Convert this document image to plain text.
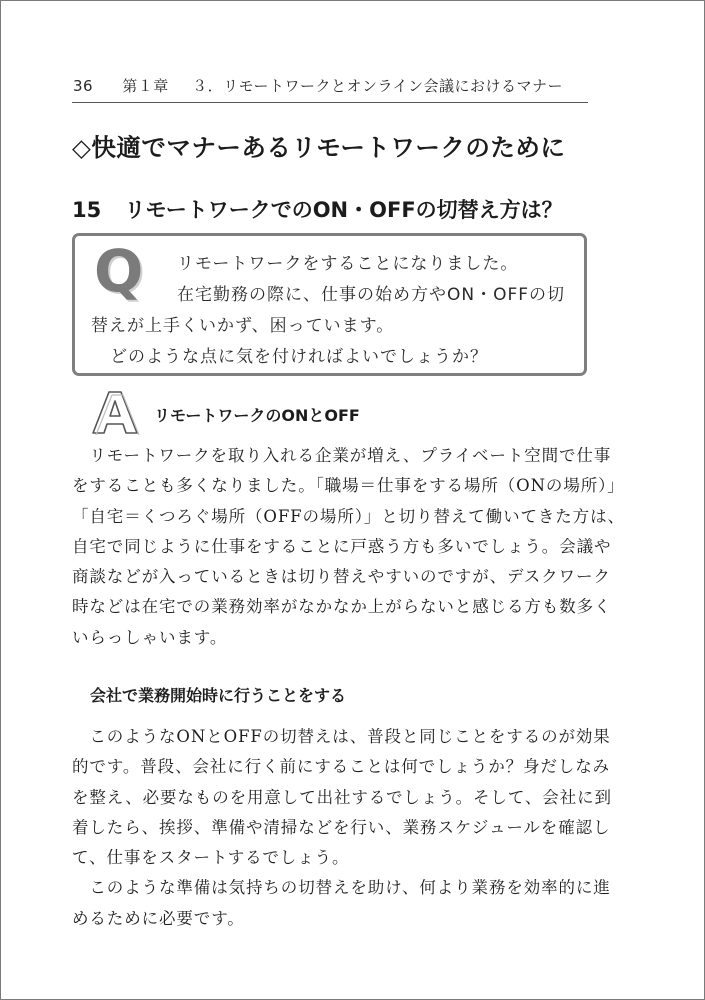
36 第１章 ３．リモートワークとオンライン会議におけるマナー
◇快適でマナーあるリモートワークのために
15 リモートワークでのON・OFFの切替え方は？
Q リモートワークをすることになりました。
在宅勤務の際に、仕事の始め方やON・OFFの切
替えが上手くいかず、困っています。
どのような点に気を付ければよいでしょうか？
リモートワークのONとOFF
　リモートワークを取り入れる企業が増え、プライベート空間で仕事
をすることも多くなりました。「職場＝仕事をする場所（ONの場所）」
「自宅＝くつろぐ場所（OFFの場所）」と切り替えて働いてきた方は、
自宅で同じように仕事をすることに戸惑う方も多いでしょう。会議や
商談などが入っているときは切り替えやすいのですが、デスクワーク
時などは在宅での業務効率がなかなか上がらないと感じる方も数多く
いらっしゃいます。
会社で業務開始時に行うことをする
　このようなONとOFFの切替えは、普段と同じことをするのが効果
的です。普段、会社に行く前にすることは何でしょうか？身だしなみ
を整え、必要なものを用意して出社するでしょう。そして、会社に到
着したら、挨拶、準備や清掃などを行い、業務スケジュールを確認し
て、仕事をスタートするでしょう。
　このような準備は気持ちの切替えを助け、何より業務を効率的に進
めるために必要です。
